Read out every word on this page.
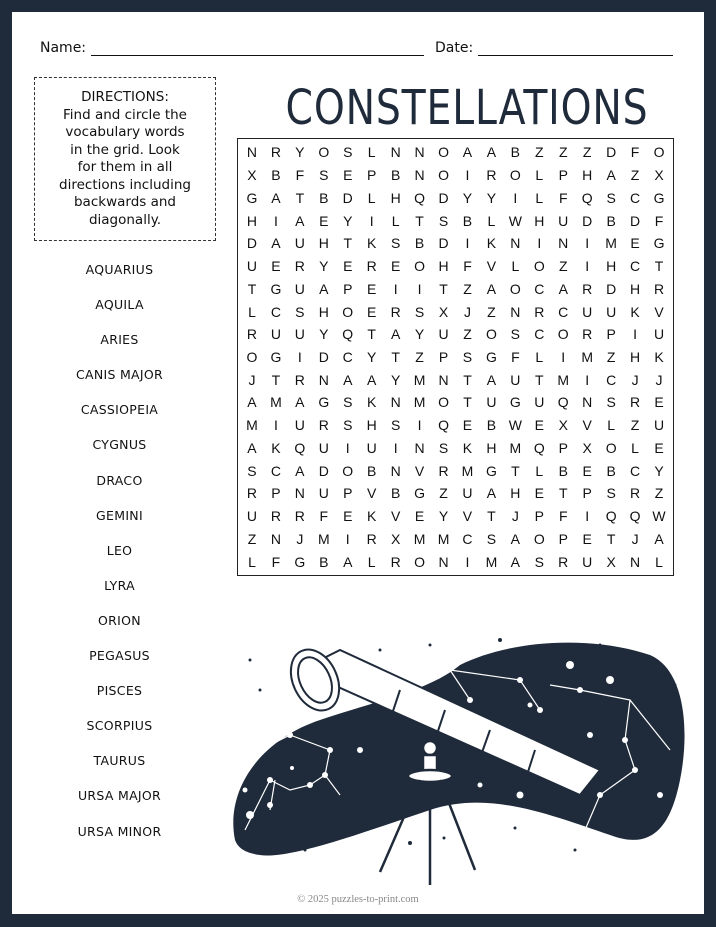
Name:	Date:
DIRECTIONS:
Find and circle the
vocabulary words
in the grid. Look
for them in all
directions including
backwards and
diagonally.
CONSTELLATIONS
N R	Y O S	L	N N O A	A	B	Z	Z	Z	D	F	O
X	B	F	S	E	P	B	N O	I	R O	L	P	H	A	Z	X
G A	T	B	D	L	H Q D	Y	Y	I	L	F	Q S	C G
H	I	A	E	Y	I	L	T	S	B	L W H U D	B	D	F
D	A	U H	T	K	S	B	D	I	K	N	I	N	I	M E G
U	E	R	Y	E	R	E O H	F	V	L	O	Z	I	H C	T
T	G U	A	P	E	I	I	T	Z	A O C	A	R D H R
L	C	S	H O E	R	S	X	J	Z	N R C U U	K	V
R U U	Y Q	T	A	Y	U	Z	O S	C O R	P	I	U
O G	I	D C	Y	T	Z	P	S G	F	L	I	M Z	H	K
J	T	R N	A	A	Y M N	T	A	U	T M	I	C	J	J
A M A G S	K	N M O	T	U G U Q N	S	R	E
M	I	U R	S	H	S	I	Q E	B W E	X	V	L	Z	U
A	K Q U	I	U	I	N	S	K	H M Q P	X O	L	E
S	C	A	D O B	N	V	R M G	T	L	B	E	B	C	Y
R	P	N U	P	V	B G	Z	U	A	H	E	T	P	S	R	Z
U R R	F	E	K	V	E	Y	V	T	J	P	F	I	Q Q W
Z	N	J	M	I	R	X M M C	S	A O P	E	T	J	A
L	F	G B	A	L	R O N	I	M A	S	R U	X	N	L
AQUARIUS
AQUILA
ARIES
CANIS MAJOR
CASSIOPEIA
CYGNUS
DRACO
GEMINI
LEO
LYRA
ORION
PEGASUS
PISCES
SCORPIUS
TAURUS
URSA MAJOR
URSA MINOR
© 2025 puzzles-to-print.com
